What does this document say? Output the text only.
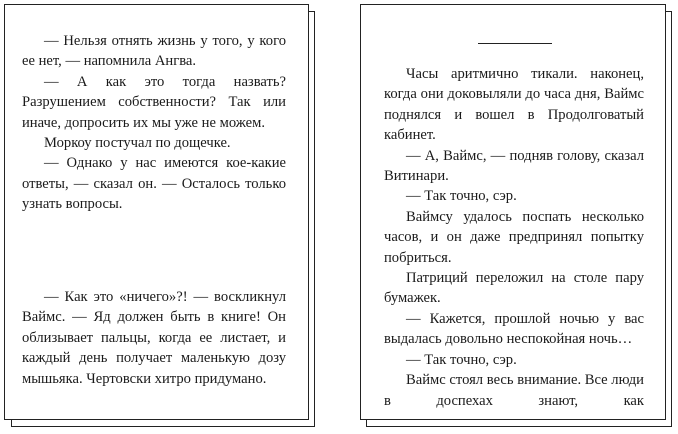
— Нельзя отнять жизнь у того, у кого ее нет, — напомнила Ангва.

— А как это тогда назвать? Разрушением собственности? Так или иначе, допросить их мы уже не можем.

Моркоу постучал по дощечке.

— Однако у нас имеются кое-какие ответы, — сказал он. — Осталось только узнать вопросы.

— Как это «ничего»?! — воскликнул Ваймс. — Яд должен быть в книге! Он облизывает пальцы, когда ее листает, и каждый день получает маленькую дозу мышьяка. Чертовски хитро придумано.

Часы аритмично тикали. наконец, когда они доковыляли до часа дня, Ваймс поднялся и вошел в Продолговатый кабинет.

— А, Ваймс, — подняв голову, сказал Витинари.

— Так точно, сэр.

Ваймсу удалось поспать несколько часов, и он даже предпринял попытку побриться.

Патриций переложил на столе пару бумажек.

— Кажется, прошлой ночью у вас выдалась довольно неспокойная ночь…

— Так точно, сэр.

Ваймс стоял весь внимание. Все люди в доспехах знают, как
